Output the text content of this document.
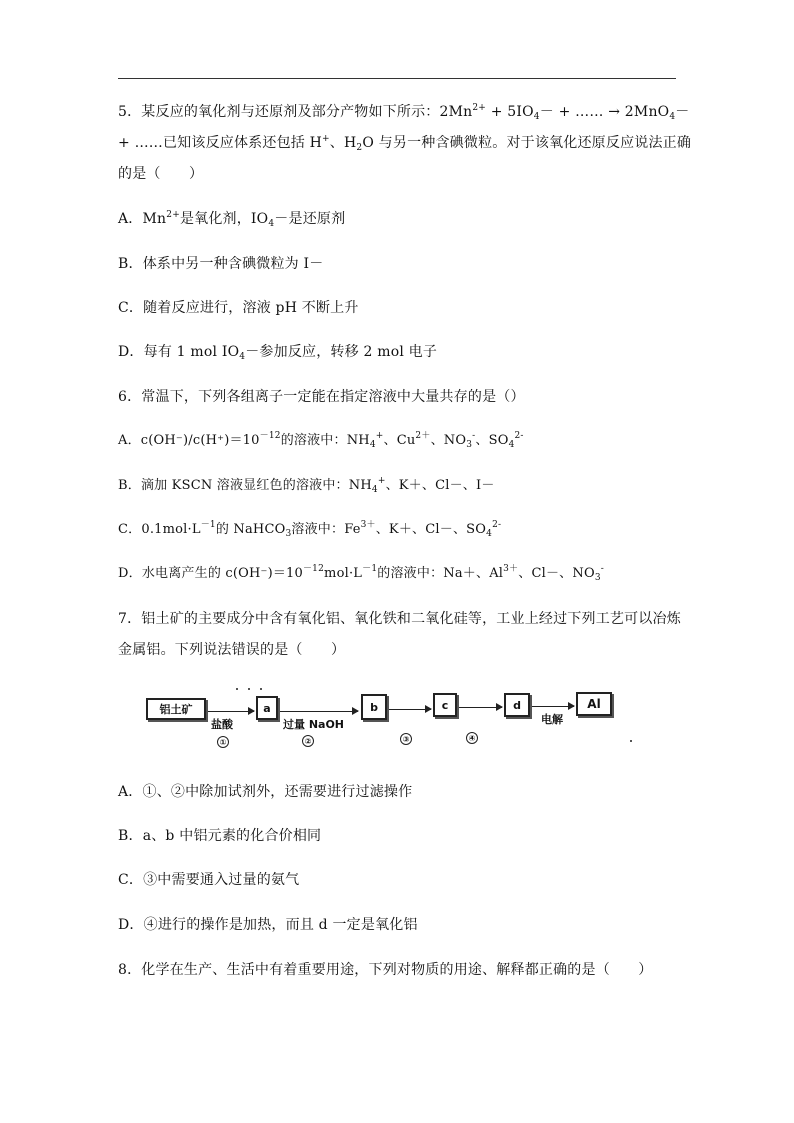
5．某反应的氧化剂与还原剂及部分产物如下所示：$2Mn^{2+} + 5IO_4-$ + …… → 2MnO$_4$－
+ ……已知该反应体系还包括 H+、$H_2O$ 与另一种含碘微粒。对于该氧化还原反应说法正确
的是（　　）
A．$Mn^{2+}$是氧化剂，$IO_4-$是还原剂
B．体系中另一种含碘微粒为 I－
C．随着反应进行，溶液 pH 不断上升
D．每有 1 mol $IO_4-$参加反应，转移 2 mol 电子
6．常温下，下列各组离子一定能在指定溶液中大量共存的是（）
A．$c(OH^-)/c(H^+)=10^{-12}$的溶液中：$NH_4^+$、$Cu^{2+}$、$NO_3^-$、$SO_4^{2-}$
B．滴加 KSCN 溶液显红色的溶液中：$NH_4^+$、K＋、Cl－、I－
C．$0.1mol\cdot L^{-1}$的 NaHCO$_3$溶液中：$Fe^{3+}$、K＋、Cl－、$SO_4^{2-}$
D．水电离产生的 $c(OH^-)=10^{-12}mol\cdot L^{-1}$的溶液中：Na＋、$Al^{3+}$、Cl－、$NO_3^-$
7．铝土矿的主要成分中含有氧化铝、氧化铁和二氧化硅等，工业上经过下列工艺可以冶炼
金属铝。下列说法错误的是（　　）
铝土矿
盐酸
①
a
过量 NaOH
②
b
③
c
④
d
电解
Al
A．①、②中除加试剂外，还需要进行过滤操作
B．a、b 中铝元素的化合价相同
C．③中需要通入过量的氨气
D．④进行的操作是加热，而且 d 一定是氧化铝
8．化学在生产、生活中有着重要用途，下列对物质的用途、解释都正确的是（　　）
